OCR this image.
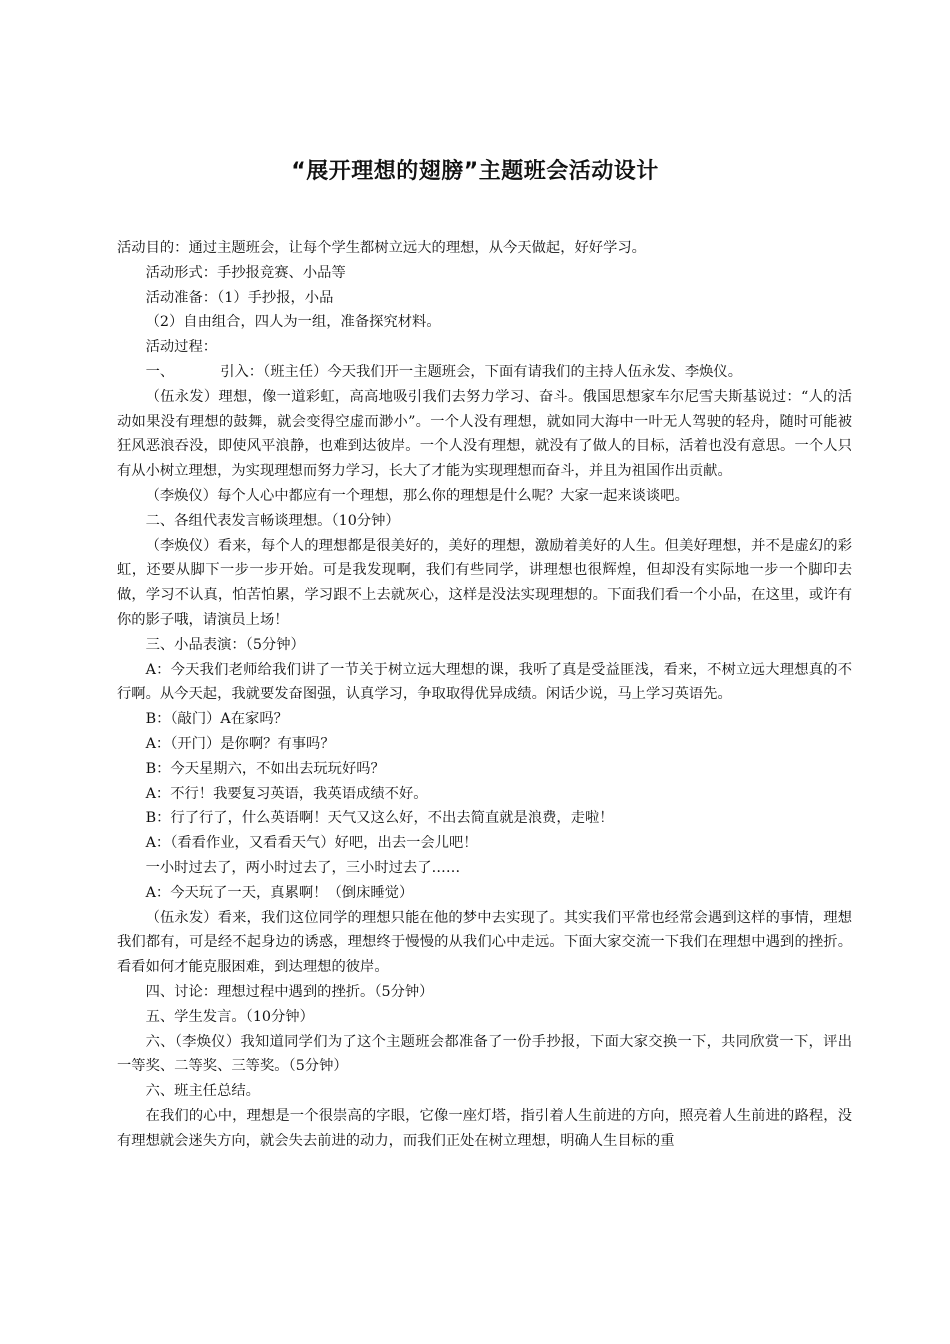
“展开理想的翅膀”主题班会活动设计

活动目的：通过主题班会，让每个学生都树立远大的理想，从今天做起，好好学习。

活动形式：手抄报竞赛、小品等

活动准备：（1）手抄报，小品

（2）自由组合，四人为一组，准备探究材料。

活动过程：

一、	引入：（班主任）今天我们开一主题班会，下面有请我们的主持人伍永发、李焕仪。

（伍永发）理想，像一道彩虹，高高地吸引我们去努力学习、奋斗。俄国思想家车尔尼雪夫斯基说过：“人的活动如果没有理想的鼓舞，就会变得空虚而渺小”。一个人没有理想，就如同大海中一叶无人驾驶的轻舟，随时可能被狂风恶浪吞没，即使风平浪静，也难到达彼岸。一个人没有理想，就没有了做人的目标，活着也没有意思。一个人只有从小树立理想，为实现理想而努力学习，长大了才能为实现理想而奋斗，并且为祖国作出贡献。

（李焕仪）每个人心中都应有一个理想，那么你的理想是什么呢？大家一起来谈谈吧。

二、各组代表发言畅谈理想。（10分钟）

（李焕仪）看来，每个人的理想都是很美好的，美好的理想，激励着美好的人生。但美好理想，并不是虚幻的彩虹，还要从脚下一步一步开始。可是我发现啊，我们有些同学，讲理想也很辉煌，但却没有实际地一步一个脚印去做，学习不认真，怕苦怕累，学习跟不上去就灰心，这样是没法实现理想的。下面我们看一个小品，在这里，或许有你的影子哦，请演员上场！

三、小品表演：（5分钟）

A：今天我们老师给我们讲了一节关于树立远大理想的课，我听了真是受益匪浅，看来，不树立远大理想真的不行啊。从今天起，我就要发奋图强，认真学习，争取取得优异成绩。闲话少说，马上学习英语先。

B：（敲门）A在家吗？

A：（开门）是你啊？有事吗？

B：今天星期六，不如出去玩玩好吗？

A：不行！我要复习英语，我英语成绩不好。

B：行了行了，什么英语啊！天气又这么好，不出去简直就是浪费，走啦！

A：（看看作业，又看看天气）好吧，出去一会儿吧！

一小时过去了，两小时过去了，三小时过去了……

A：今天玩了一天，真累啊！（倒床睡觉）

（伍永发）看来，我们这位同学的理想只能在他的梦中去实现了。其实我们平常也经常会遇到这样的事情，理想我们都有，可是经不起身边的诱惑，理想终于慢慢的从我们心中走远。下面大家交流一下我们在理想中遇到的挫折。看看如何才能克服困难，到达理想的彼岸。

四、讨论：理想过程中遇到的挫折。（5分钟）

五、学生发言。（10分钟）

六、（李焕仪）我知道同学们为了这个主题班会都准备了一份手抄报，下面大家交换一下，共同欣赏一下，评出一等奖、二等奖、三等奖。（5分钟）

六、班主任总结。

在我们的心中，理想是一个很崇高的字眼，它像一座灯塔，指引着人生前进的方向，照亮着人生前进的路程，没有理想就会迷失方向，就会失去前进的动力，而我们正处在树立理想，明确人生目标的重
